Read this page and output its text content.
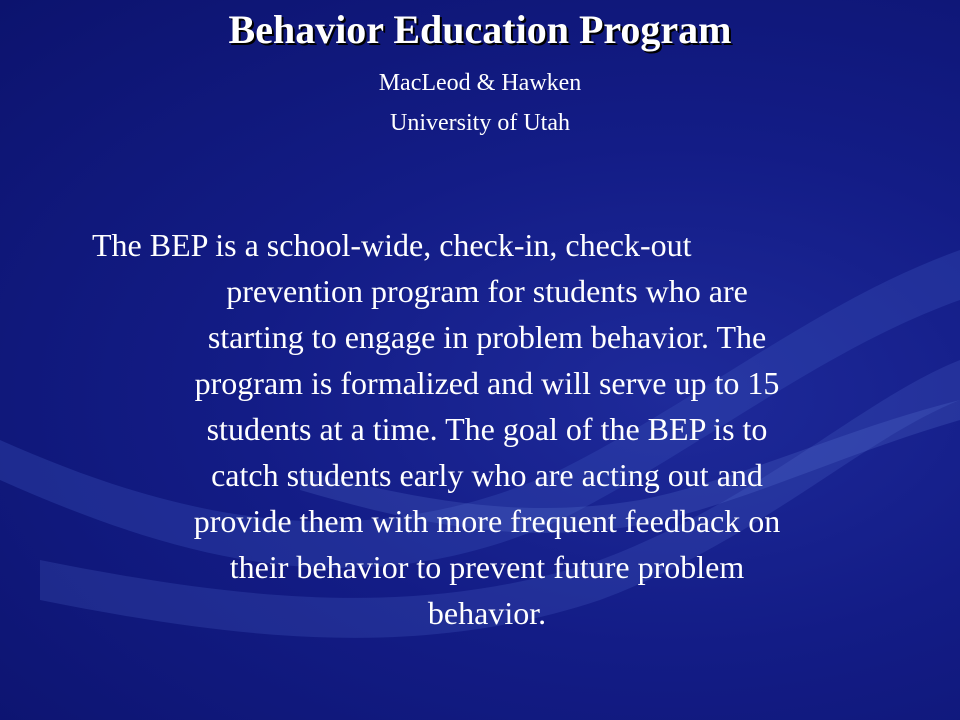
Behavior Education Program
MacLeod & Hawken
University of Utah

The BEP is a school-wide, check-in, check-out
prevention program for students who are
starting to engage in problem behavior. The
program is formalized and will serve up to 15
students at a time. The goal of the BEP is to
catch students early who are acting out and
provide them with more frequent feedback on
their behavior to prevent future problem
behavior.
